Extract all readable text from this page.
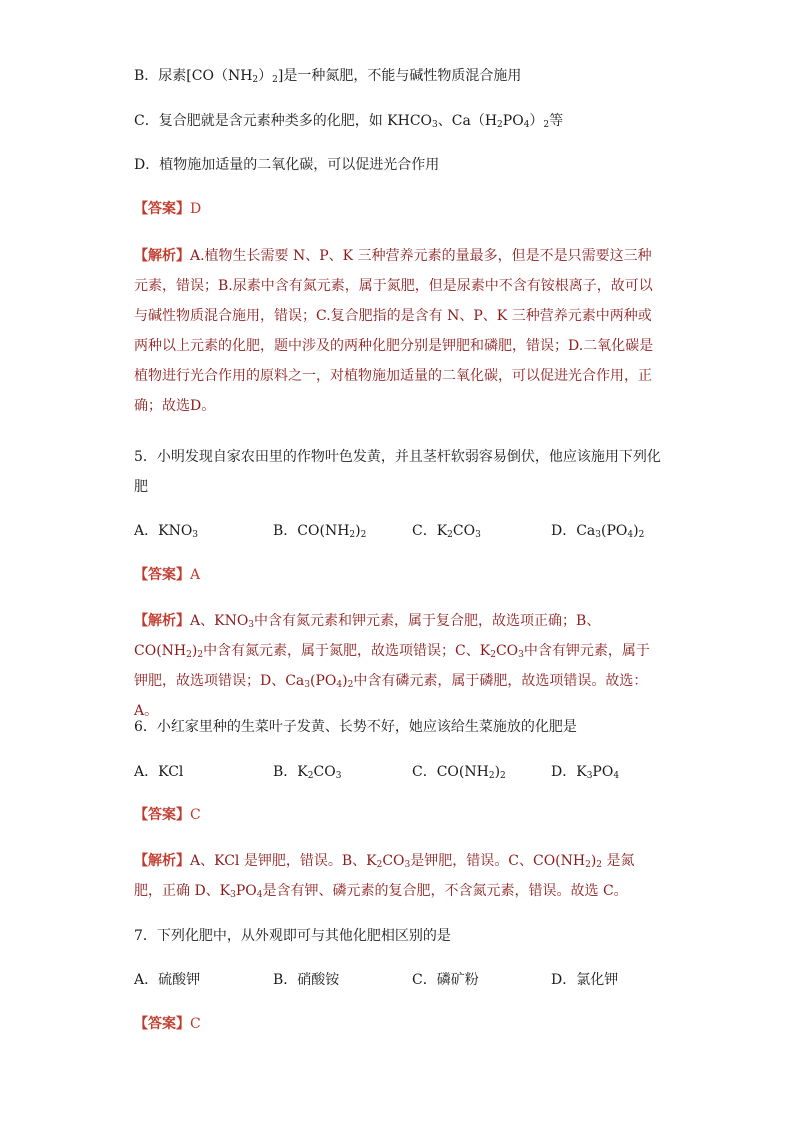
B．尿素$[CO(NH_2)_2]$是一种氮肥，不能与碱性物质混合施用
C．复合肥就是含元素种类多的化肥，如 $KHCO_3$、$Ca(H_2PO_4)_2$等
D．植物施加适量的二氧化碳，可以促进光合作用
【答案】D
【解析】A.植物生长需要 N、P、K 三种营养元素的量最多，但是不是只需要这三种元素，错误；B.尿素中含有氮元素，属于氮肥，但是尿素中不含有铵根离子，故可以与碱性物质混合施用，错误；C.复合肥指的是含有 N、P、K 三种营养元素中两种或两种以上元素的化肥，题中涉及的两种化肥分别是钾肥和磷肥，错误；D.二氧化碳是植物进行光合作用的原料之一，对植物施加适量的二氧化碳，可以促进光合作用，正确；故选D。
5．小明发现自家农田里的作物叶色发黄，并且茎杆软弱容易倒伏，他应该施用下列化肥
A．$KNO_3$	B．$CO(NH_2)_2$	C．$K_2CO_3$	D．$Ca_3(PO_4)_2$
【答案】A
【解析】A、$KNO_3$中含有氮元素和钾元素，属于复合肥，故选项正确；B、$CO(NH_2)_2$中含有氮元素，属于氮肥，故选项错误；C、$K_2CO_3$中含有钾元素，属于钾肥，故选项错误；D、$Ca_3(PO_4)_2$中含有磷元素，属于磷肥，故选项错误。故选：A。
6．小红家里种的生菜叶子发黄、长势不好，她应该给生菜施放的化肥是
A．KCl	B．$K_2CO_3$	C．$CO(NH_2)_2$	D．$K_3PO_4$
【答案】C
【解析】A、KCl 是钾肥，错误。B、$K_2CO_3$是钾肥，错误。C、$CO(NH_2)_2$ 是氮肥，正确 D、$K_3PO_4$是含有钾、磷元素的复合肥，不含氮元素，错误。故选 C。
7．下列化肥中，从外观即可与其他化肥相区别的是
A．硫酸钾	B．硝酸铵	C．磷矿粉	D．氯化钾
【答案】C
